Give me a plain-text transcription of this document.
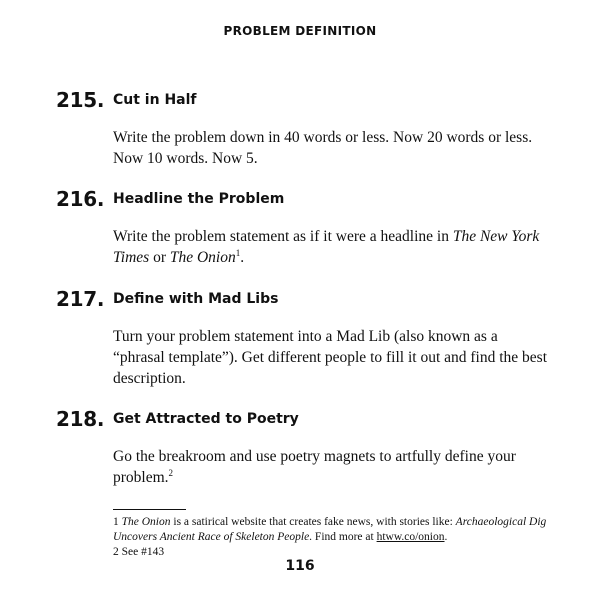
PROBLEM DEFINITION
215. Cut in Half
Write the problem down in 40 words or less. Now 20 words or less. Now 10 words. Now 5.
216. Headline the Problem
Write the problem statement as if it were a headline in The New York Times or The Onion$^1$.
217. Define with Mad Libs
Turn your problem statement into a Mad Lib (also known as a “phrasal template”). Get different people to fill it out and find the best description.
218. Get Attracted to Poetry
Go the breakroom and use poetry magnets to artfully define your problem.$^2$
1 The Onion is a satirical website that creates fake news, with stories like: Archaeological Dig Uncovers Ancient Race of Skeleton People. Find more at htww.co/onion.
2 See #143
116
